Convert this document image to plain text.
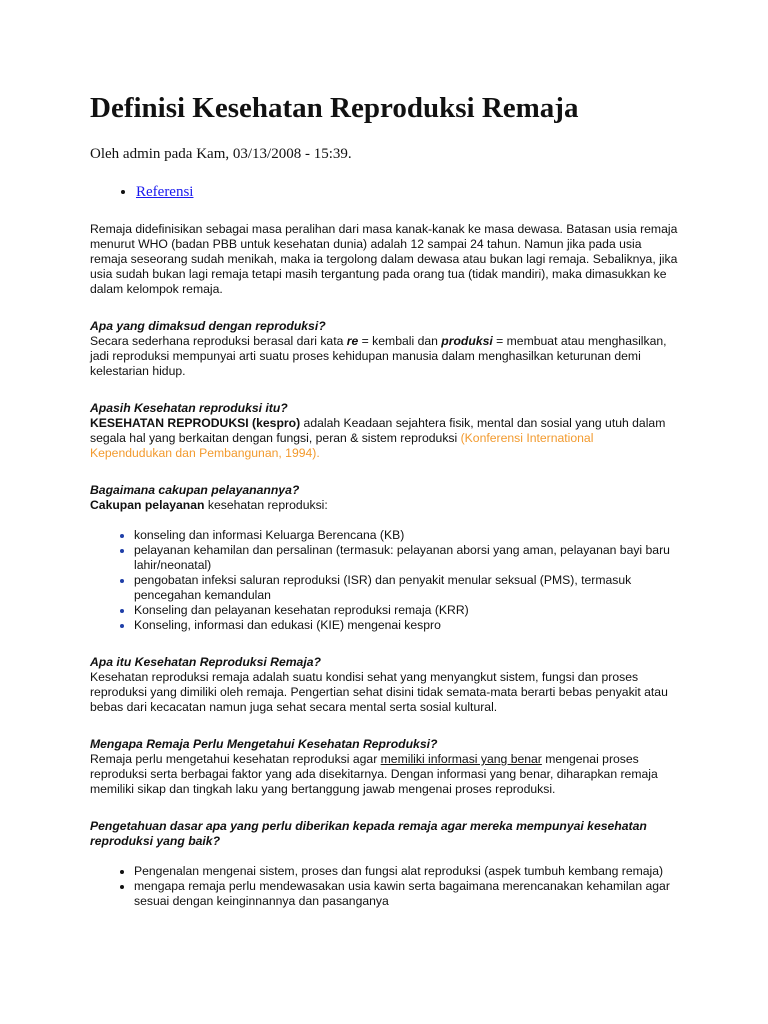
Definisi Kesehatan Reproduksi Remaja
Oleh admin pada Kam, 03/13/2008 - 15:39.
• Referensi

Remaja didefinisikan sebagai masa peralihan dari masa kanak-kanak ke masa dewasa. Batasan usia remaja menurut WHO (badan PBB untuk kesehatan dunia) adalah 12 sampai 24 tahun. Namun jika pada usia remaja seseorang sudah menikah, maka ia tergolong dalam dewasa atau bukan lagi remaja. Sebaliknya, jika usia sudah bukan lagi remaja tetapi masih tergantung pada orang tua (tidak mandiri), maka dimasukkan ke dalam kelompok remaja.

Apa yang dimaksud dengan reproduksi?

Secara sederhana reproduksi berasal dari kata re = kembali dan produksi = membuat atau menghasilkan, jadi reproduksi mempunyai arti suatu proses kehidupan manusia dalam menghasilkan keturunan demi kelestarian hidup.

Apasih Kesehatan reproduksi itu?

KESEHATAN REPRODUKSI (kespro) adalah Keadaan sejahtera fisik, mental dan sosial yang utuh dalam segala hal yang berkaitan dengan fungsi, peran & sistem reproduksi (Konferensi International Kependudukan dan Pembangunan, 1994).

Bagaimana cakupan pelayanannya?

Cakupan pelayanan kesehatan reproduksi:

• konseling dan informasi Keluarga Berencana (KB)
• pelayanan kehamilan dan persalinan (termasuk: pelayanan aborsi yang aman, pelayanan bayi baru lahir/neonatal)
• pengobatan infeksi saluran reproduksi (ISR) dan penyakit menular seksual (PMS), termasuk pencegahan kemandulan
• Konseling dan pelayanan kesehatan reproduksi remaja (KRR)
• Konseling, informasi dan edukasi (KIE) mengenai kespro

Apa itu Kesehatan Reproduksi Remaja?

Kesehatan reproduksi remaja adalah suatu kondisi sehat yang menyangkut sistem, fungsi dan proses reproduksi yang dimiliki oleh remaja. Pengertian sehat disini tidak semata-mata berarti bebas penyakit atau bebas dari kecacatan namun juga sehat secara mental serta sosial kultural.

Mengapa Remaja Perlu Mengetahui Kesehatan Reproduksi?

Remaja perlu mengetahui kesehatan reproduksi agar memiliki informasi yang benar mengenai proses reproduksi serta berbagai faktor yang ada disekitarnya. Dengan informasi yang benar, diharapkan remaja memiliki sikap dan tingkah laku yang bertanggung jawab mengenai proses reproduksi.

Pengetahuan dasar apa yang perlu diberikan kepada remaja agar mereka mempunyai kesehatan reproduksi yang baik?

• Pengenalan mengenai sistem, proses dan fungsi alat reproduksi (aspek tumbuh kembang remaja)
• mengapa remaja perlu mendewasakan usia kawin serta bagaimana merencanakan kehamilan agar sesuai dengan keinginnannya dan pasanganya
